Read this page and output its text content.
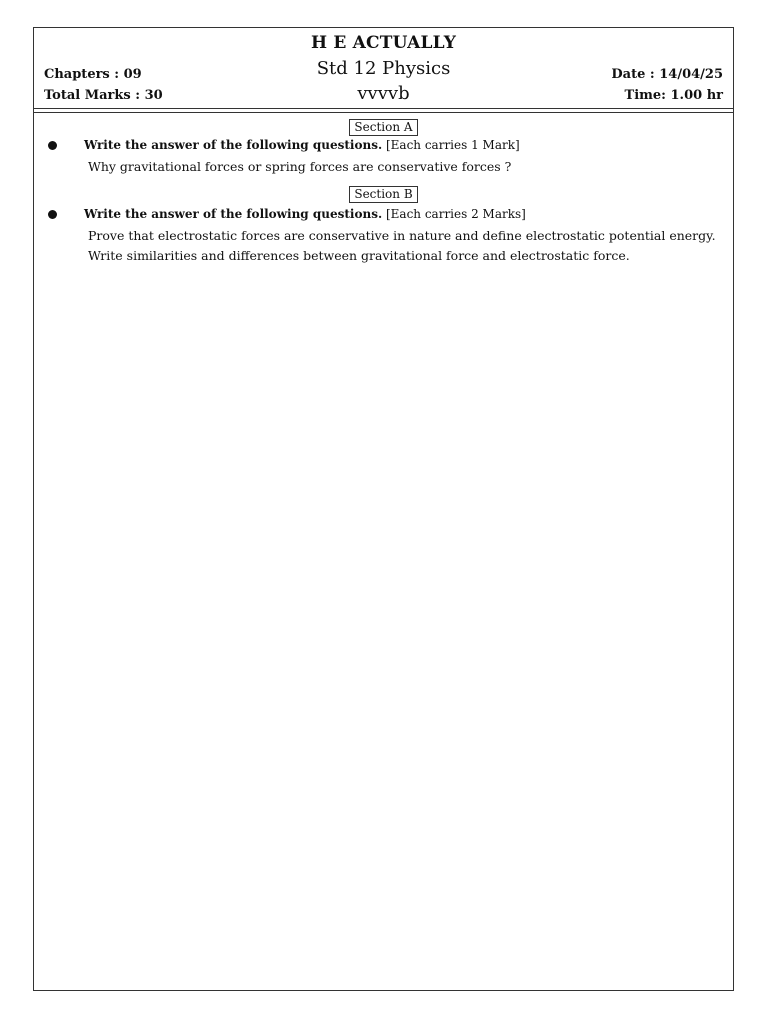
H E ACTUALLY
Std 12 Physics
vvvvb
Chapters : 09
Total Marks : 30
Date : 14/04/25
Time: 1.00 hr
Section A
Write the answer of the following questions. [Each carries 1 Mark]
Why gravitational forces or spring forces are conservative forces ?
Section B
Write the answer of the following questions. [Each carries 2 Marks]
Prove that electrostatic forces are conservative in nature and define electrostatic potential energy.
Write similarities and differences between gravitational force and electrostatic force.
